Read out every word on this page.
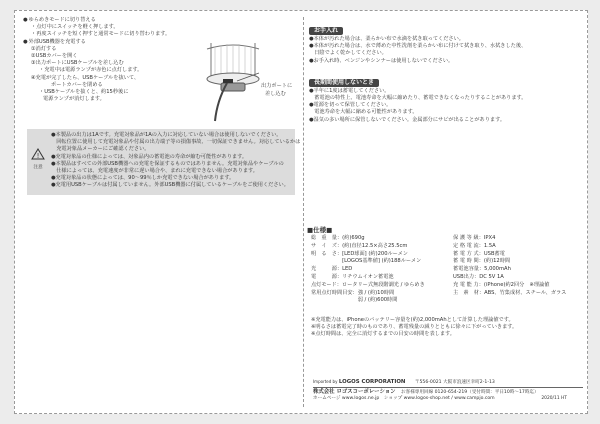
● ゆらめきモードに切り替える
・点灯中にスイッチを軽く押します。
・再度スイッチを短く押すと通常モードに切り替わります。
● 外部USB機器を充電する
①消灯する
②USBカバーを開く
③出力ポートにUSBケーブルを差し込む
・充電中は電源ランプが赤色に点灯します。
④充電が完了したら、USBケーブルを抜いて、
ポートカバーを閉める
・USBケーブルを抜くと、約15秒後に
電源ランプが消灯します。
出力ポートに
差し込む
!
注意
●本製品の出力は1Aです。充電対象品が1Aの入力に対応していない場合は使用しないでください。
　回転位置に使用して充電対象品や付属の出力端子等の損傷事故、一切保証できません。対応しているかは
　充電対象品メーカーにご確認ください。
●充電対象品の仕様によっては、対象品内の蓄電池の寿命が縮む可能性があります。
●本製品はすべての外部USB機器への充電を保証するものではありません。充電対象品やケーブルの
　仕様によっては、充電速度が非常に遅い場合や、まれに充電できない場合があります。
●充電対象品の状態によっては、90～99％しか充電できない場合があります。
●充電用USBケーブルは付属していません。外部USB機器に付属しているケーブルをご使用ください。
お手入れ
●本体が汚れた場合は、柔らかい布で水滴を拭き取ってください。
●本体が汚れた場合は、水で薄めた中性洗剤を柔らかい布に付けて拭き取り、水拭きした後、
　日陰でよく乾かしてください。
●お手入れ時、ベンジンやシンナーは使用しないでください。
長期間使用しないとき
●半年に1度は蓄電してください。
　蓄電池の特性上、電池寿命を大幅に縮めたり、蓄電できなくなったりすることがあります。
●電源を切って保管してください。
　電池寿命を大幅に縮める可能性があります。
●湿気の多い場所に保管しないでください。金属部分にサビが出ることがあります。
■仕様■
総　重　量：(約)690g
サ　イ　ズ：(約)直径12.5×高さ25.5cm
明　る　さ：[LED球面] (約)200ルーメン
　　　　　　[LOGOS基準値] (約)188ルーメン
光　　　源：LED
電　　　源：リチウムイオン蓄電池
点灯モード：ロータリー式無段階調光 / ゆらめき
常用点灯時間目安：強 / (約)10時間
　　　　　　　　　弱 / (約)600時間
保 護 等 級：IPX4
定 格 電 流：1.5A
蓄 電 方 式：USB蓄電
蓄 電 時 間：(約)12時間
蓄電池容量：5,000mAh
USB出力：DC 5V 1A
充 電 能 力：(iPhone)約2回分　※理論値
主　素　材：ABS、竹集成材、スチール、ガラス
※充電能力は、iPhoneのバッテリー容量を(約)2,000mAhとして計算した理論値です。
※明るさは蓄電完了時のものであり、蓄電残量の減りとともに徐々に下がっていきます。
※点灯時間は、完全に消灯するまでの目安の時間を表します。
Imported by LOGOS CORPORATION 〒556-0021 大阪市浪速区幸町2-1-13
株式会社 ロゴスコーポレーション お客様専用回線 0120-654-219（受付時間：平日10時～17時迄）
ホームページ www.logos.ne.jp　ショップ www.logos-shop.net / www.campjo.com	2020/11 HT
